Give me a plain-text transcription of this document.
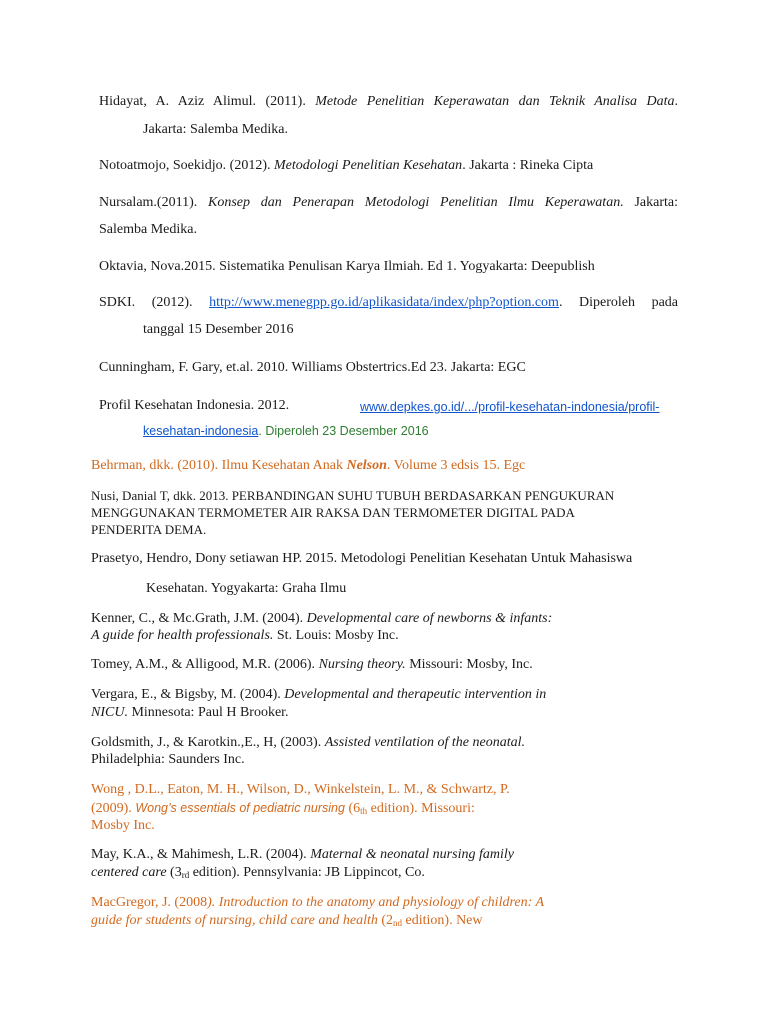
Hidayat, A. Aziz Alimul. (2011). Metode Penelitian Keperawatan dan Teknik Analisa Data.
Jakarta: Salemba Medika.
Notoatmojo, Soekidjo. (2012). Metodologi Penelitian Kesehatan. Jakarta : Rineka Cipta
Nursalam.(2011). Konsep dan Penerapan Metodologi Penelitian Ilmu Keperawatan. Jakarta:
Salemba Medika.
Oktavia, Nova.2015. Sistematika Penulisan Karya Ilmiah. Ed 1. Yogyakarta: Deepublish
SDKI. (2012). http://www.menegpp.go.id/aplikasidata/index/php?option.com. Diperoleh pada
tanggal 15 Desember 2016
Cunningham, F. Gary, et.al. 2010. Williams Obstertrics.Ed 23. Jakarta: EGC
Profil Kesehatan Indonesia. 2012.	www.depkes.go.id/.../profil-kesehatan-indonesia/profil-
kesehatan-indonesia. Diperoleh 23 Desember 2016
Behrman, dkk. (2010). Ilmu Kesehatan Anak Nelson. Volume 3 edsis 15. Egc
Nusi, Danial T, dkk. 2013. PERBANDINGAN SUHU TUBUH BERDASARKAN PENGUKURAN
MENGGUNAKAN TERMOMETER AIR RAKSA DAN TERMOMETER DIGITAL PADA
PENDERITA DEMA.
Prasetyo, Hendro, Dony setiawan HP. 2015. Metodologi Penelitian Kesehatan Untuk Mahasiswa
Kesehatan. Yogyakarta: Graha Ilmu
Kenner, C., & Mc.Grath, J.M. (2004). Developmental care of newborns & infants:
A guide for health professionals. St. Louis: Mosby Inc.
Tomey, A.M., & Alligood, M.R. (2006). Nursing theory. Missouri: Mosby, Inc.
Vergara, E., & Bigsby, M. (2004). Developmental and therapeutic intervention in
NICU. Minnesota: Paul H Brooker.
Goldsmith, J., & Karotkin.,E., H, (2003). Assisted ventilation of the neonatal.
Philadelphia: Saunders Inc.
Wong , D.L., Eaton, M. H., Wilson, D., Winkelstein, L. M., & Schwartz, P.
(2009). Wong’s essentials of pediatric nursing ($6_{th}$ edition). Missouri:
Mosby Inc.
May, K.A., & Mahimesh, L.R. (2004). Maternal & neonatal nursing family
centered care ($3_{rd}$ edition). Pennsylvania: JB Lippincot, Co.
MacGregor, J. (2008). Introduction to the anatomy and physiology of children: A
guide for students of nursing, child care and health ($2_{nd}$ edition). New
